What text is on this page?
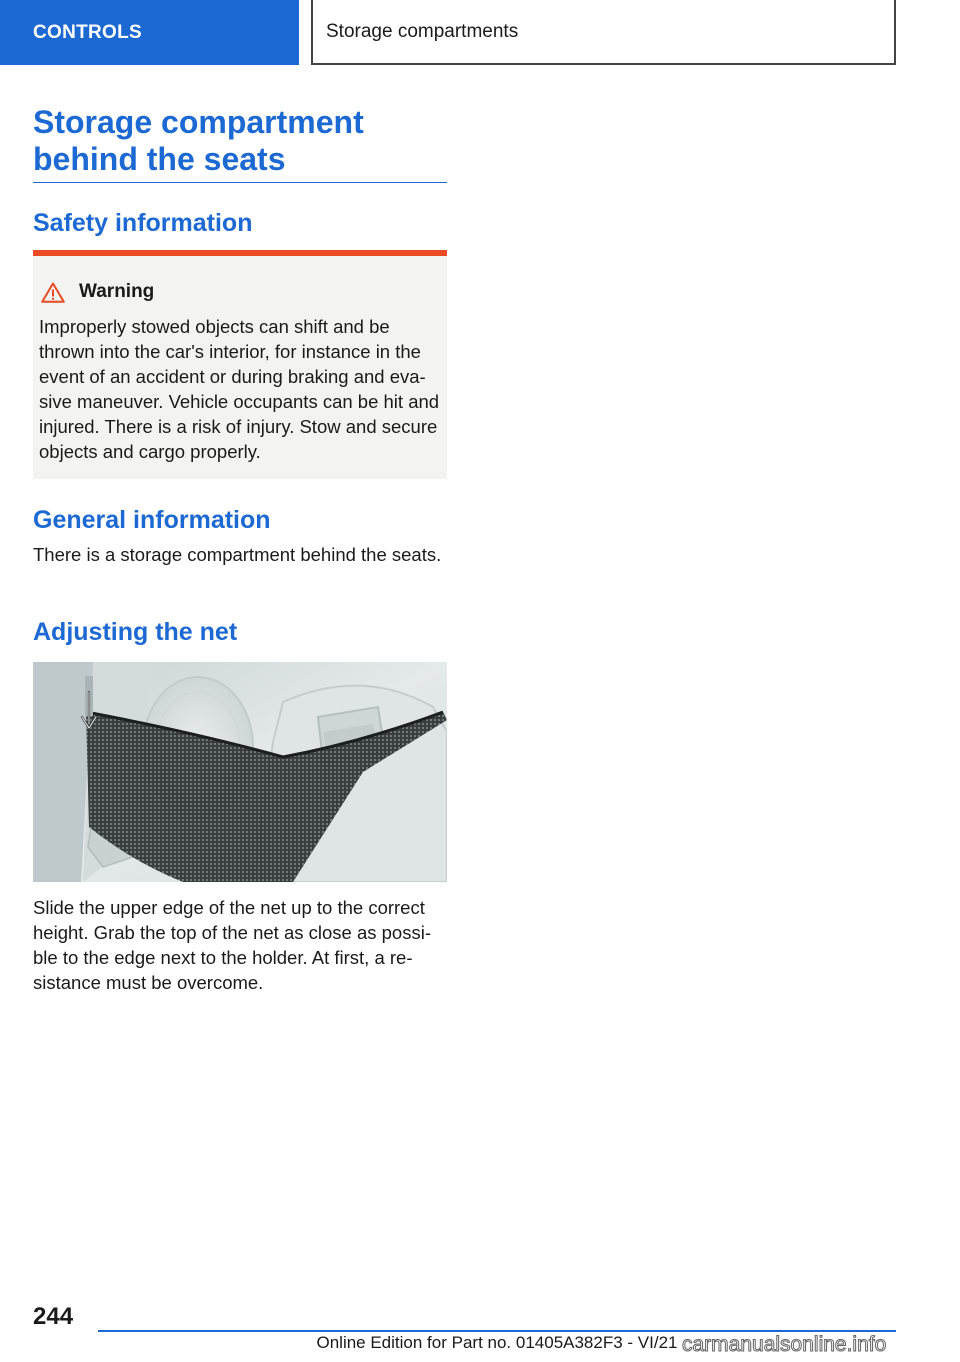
CONTROLS	Storage compartments
Storage compartment
behind the seats
Safety information
Warning

Improperly stowed objects can shift and be thrown into the car's interior, for instance in the event of an accident or during braking and evasive maneuver. Vehicle occupants can be hit and injured. There is a risk of injury. Stow and secure objects and cargo properly.

General information

There is a storage compartment behind the seats.

Adjusting the net

Slide the upper edge of the net up to the correct height. Grab the top of the net as close as possible to the edge next to the holder. At first, a resistance must be overcome.

244
Online Edition for Part no. 01405A382F3 - VI/21 carmanualsonline.info
